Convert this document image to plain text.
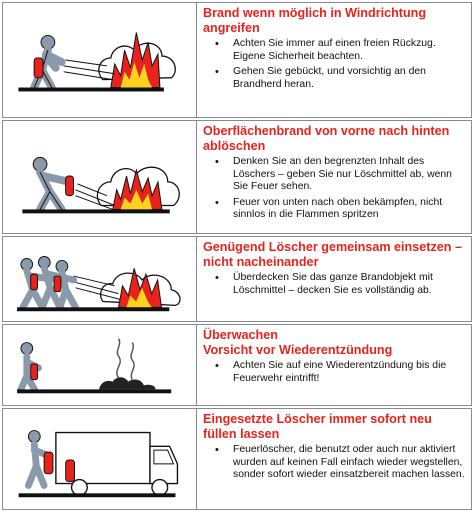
Brand wenn möglich in Windrichtung angreifen
• Achten Sie immer auf einen freien Rückzug. Eigene Sicherheit beachten.
• Gehen Sie gebückt, und vorsichtig an den Brandherd heran.
Oberflächenbrand von vorne nach hinten ablöschen
• Denken Sie an den begrenzten Inhalt des Löschers – geben Sie nur Löschmittel ab, wenn Sie Feuer sehen.
• Feuer von unten nach oben bekämpfen, nicht sinnlos in die Flammen spritzen
Genügend Löscher gemeinsam einsetzen – nicht nacheinander
• Überdecken Sie das ganze Brandobjekt mit Löschmittel – decken Sie es vollständig ab.
Überwachen
Vorsicht vor Wiederentzündung
• Achten Sie auf eine Wiederentzündung bis die Feuerwehr eintrifft!
Eingesetzte Löscher immer sofort neu füllen lassen
• Feuerlöscher, die benutzt oder auch nur aktiviert wurden auf keinen Fall einfach wieder wegstellen, sonder sofort wieder einsatzbereit machen lassen.
